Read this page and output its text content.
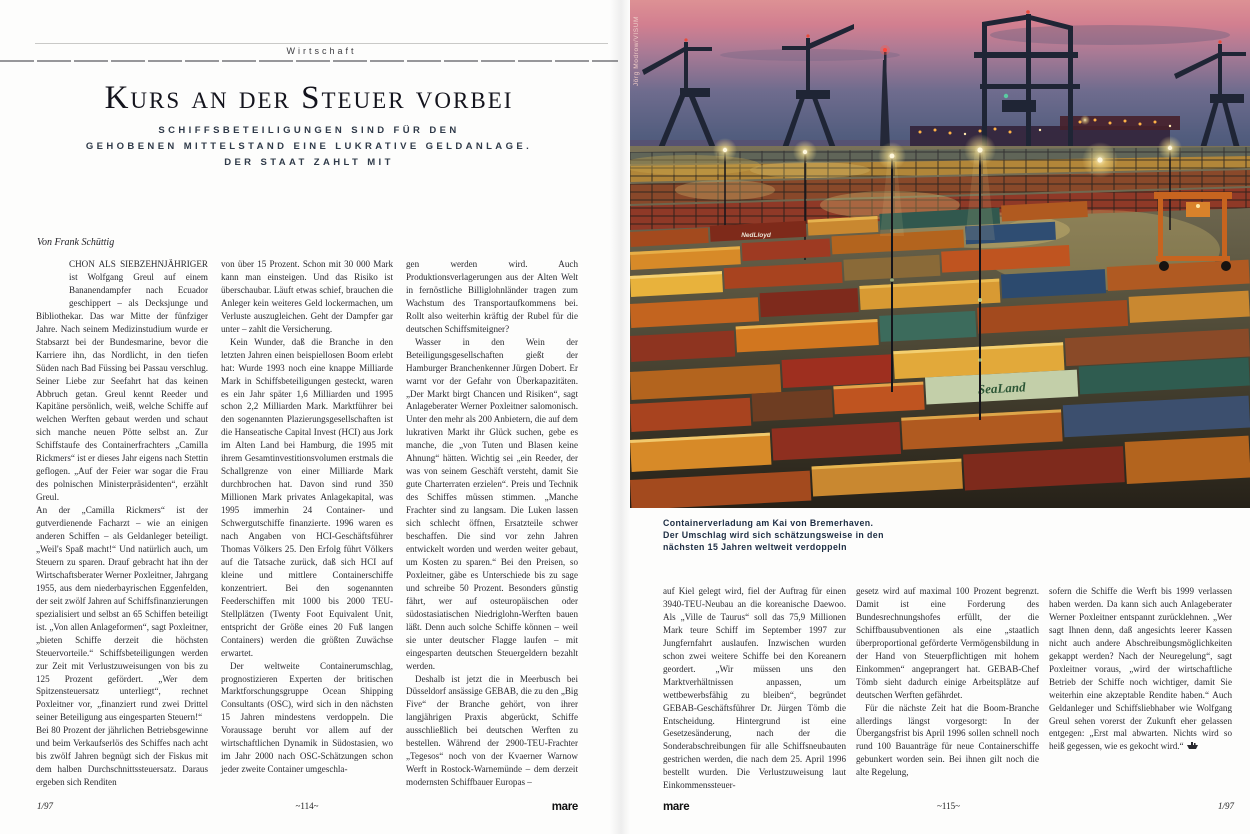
Wirtschaft
Kurs an der Steuer vorbei
SCHIFFSBETEILIGUNGEN SIND FÜR DEN
GEHOBENEN MITTELSTAND EINE LUKRATIVE GELDANLAGE.
DER STAAT ZAHLT MIT
Von Frank Schüttig

CHON ALS SIEBZEHNJÄHRIGER ist Wolfgang Greul auf einem Bananendampfer nach Ecuador geschippert – als Decksjunge und Bibliothekar. Das war Mitte der fünfziger Jahre. Nach seinem Medizinstudium wurde er Stabsarzt bei der Bundesmarine, bevor die Karriere ihn, das Nordlicht, in den tiefen Süden nach Bad Füssing bei Passau verschlug. Seiner Liebe zur Seefahrt hat das keinen Abbruch getan. Greul kennt Reeder und Kapitäne persönlich, weiß, welche Schiffe auf welchen Werften gebaut werden und schaut sich manche neuen Pötte selbst an. Zur Schiffstaufe des Containerfrachters „Camilla Rickmers“ ist er dieses Jahr eigens nach Stettin geflogen. „Auf der Feier war sogar die Frau des polnischen Ministerpräsidenten“, erzählt Greul.

An der „Camilla Rickmers“ ist der gutverdienende Facharzt – wie an einigen anderen Schiffen – als Geldanleger beteiligt. „Weil's Spaß macht!“ Und natürlich auch, um Steuern zu sparen. Drauf gebracht hat ihn der Wirtschaftsberater Werner Poxleitner, Jahrgang 1955, aus dem niederbayrischen Eggenfelden, der seit zwölf Jahren auf Schiffsfinanzierungen spezialisiert und selbst an 65 Schiffen beteiligt ist. „Von allen Anlageformen“, sagt Poxleitner, „bieten Schiffe derzeit die höchsten Steuervorteile.“ Schiffsbeteiligungen werden zur Zeit mit Verlustzuweisungen von bis zu 125 Prozent gefördert. „Wer dem Spitzensteuersatz unterliegt“, rechnet Poxleitner vor, „finanziert rund zwei Drittel seiner Beteiligung aus eingesparten Steuern!“

Bei 80 Prozent der jährlichen Betriebsgewinne und beim Verkaufserlös des Schiffes nach acht bis zwölf Jahren begnügt sich der Fiskus mit dem halben Durchschnittssteuersatz. Daraus ergeben sich Renditen

von über 15 Prozent. Schon mit 30 000 Mark kann man einsteigen. Und das Risiko ist überschaubar. Läuft etwas schief, brauchen die Anleger kein weiteres Geld lockermachen, um Verluste auszugleichen. Geht der Dampfer gar unter – zahlt die Versicherung.

Kein Wunder, daß die Branche in den letzten Jahren einen beispiellosen Boom erlebt hat: Wurde 1993 noch eine knappe Milliarde Mark in Schiffsbeteiligungen gesteckt, waren es ein Jahr später 1,6 Milliarden und 1995 schon 2,2 Milliarden Mark. Marktführer bei den sogenannten Plazierungsgesellschaften ist die Hanseatische Capital Invest (HCI) aus Jork im Alten Land bei Hamburg, die 1995 mit ihrem Gesamtinvestitionsvolumen erstmals die Schallgrenze von einer Milliarde Mark durchbrochen hat. Davon sind rund 350 Millionen Mark privates Anlagekapital, was 1995 immerhin 24 Container- und Schwergutschiffe finanzierte. 1996 waren es nach Angaben von HCI-Geschäftsführer Thomas Völkers 25. Den Erfolg führt Völkers auf die Tatsache zurück, daß sich HCI auf kleine und mittlere Containerschiffe konzentriert. Bei den sogenannten Feederschiffen mit 1000 bis 2000 TEU-Stellplätzen (Twenty Foot Equivalent Unit, entspricht der Größe eines 20 Fuß langen Containers) werden die größten Zuwächse erwartet.

Der weltweite Containerumschlag, prognostizieren Experten der britischen Marktforschungsgruppe Ocean Shipping Consultants (OSC), wird sich in den nächsten 15 Jahren mindestens verdoppeln. Die Voraussage beruht vor allem auf der wirtschaftlichen Dynamik in Südostasien, wo im Jahr 2000 nach OSC-Schätzungen schon jeder zweite Container umgeschla-

gen werden wird. Auch Produktionsverlagerungen aus der Alten Welt in fernöstliche Billiglohnländer tragen zum Wachstum des Transportaufkommens bei. Rollt also weiterhin kräftig der Rubel für die deutschen Schiffsmiteigner?

Wasser in den Wein der Beteiligungsgesellschaften gießt der Hamburger Branchenkenner Jürgen Dobert. Er warnt vor der Gefahr von Überkapazitäten. „Der Markt birgt Chancen und Risiken“, sagt Anlageberater Werner Poxleitner salomonisch. Unter den mehr als 200 Anbietern, die auf dem lukrativen Markt ihr Glück suchen, gebe es manche, die „von Tuten und Blasen keine Ahnung“ hätten. Wichtig sei „ein Reeder, der was von seinem Geschäft versteht, damit Sie gute Charterraten erzielen“. Preis und Technik des Schiffes müssen stimmen. „Manche Frachter sind zu langsam. Die Luken lassen sich schlecht öffnen, Ersatzteile schwer beschaffen. Die sind vor zehn Jahren entwickelt worden und werden weiter gebaut, um Kosten zu sparen.“ Bei den Preisen, so Poxleitner, gäbe es Unterschiede bis zu sage und schreibe 50 Prozent. Besonders günstig fährt, wer auf osteuropäischen oder südostasiatischen Niedriglohn-Werften bauen läßt. Denn auch solche Schiffe können – weil sie unter deutscher Flagge laufen – mit eingesparten deutschen Steuergeldern bezahlt werden.

Deshalb ist jetzt die in Meerbusch bei Düsseldorf ansässige GEBAB, die zu den „Big Five“ der Branche gehört, von ihrer langjährigen Praxis abgerückt, Schiffe ausschließlich bei deutschen Werften zu bestellen. Während der 2900-TEU-Frachter „Tegesos“ noch von der Kvaerner Warnow Werft in Rostock-Warnemünde – dem derzeit modernsten Schiffbauer Europas –

1/97	~114~	mare
SeaLand
NedLloyd
Jörg Modrow/VISUM
Containerverladung am Kai von Bremerhaven.
Der Umschlag wird sich schätzungsweise in den
nächsten 15 Jahren weltweit verdoppeln

auf Kiel gelegt wird, fiel der Auftrag für einen 3940-TEU-Neubau an die koreanische Daewoo. Als „Ville de Taurus“ soll das 75,9 Millionen Mark teure Schiff im September 1997 zur Jungfernfahrt auslaufen. Inzwischen wurden schon zwei weitere Schiffe bei den Koreanern geordert. „Wir müssen uns den Marktverhältnissen anpassen, um wettbewerbsfähig zu bleiben“, begründet GEBAB-Geschäftsführer Dr. Jürgen Tömb die Entscheidung. Hintergrund ist eine Gesetzesänderung, nach der die Sonderabschreibungen für alle Schiffsneubauten gestrichen werden, die nach dem 25. April 1996 bestellt wurden. Die Verlustzuweisung laut Einkommenssteuer-

gesetz wird auf maximal 100 Prozent begrenzt. Damit ist eine Forderung des Bundesrechnungshofes erfüllt, der die Schiffbausubventionen als eine „staatlich überproportional geförderte Vermögensbildung in der Hand von Steuerpflichtigen mit hohem Einkommen“ angeprangert hat. GEBAB-Chef Tömb sieht dadurch einige Arbeitsplätze auf deutschen Werften gefährdet.

Für die nächste Zeit hat die Boom-Branche allerdings längst vorgesorgt: In der Übergangsfrist bis April 1996 sollen schnell noch rund 100 Bauanträge für neue Containerschiffe gebunkert worden sein. Bei ihnen gilt noch die alte Regelung,

sofern die Schiffe die Werft bis 1999 verlassen haben werden. Da kann sich auch Anlageberater Werner Poxleitner entspannt zurücklehnen. „Wer sagt Ihnen denn, daß angesichts leerer Kassen nicht auch andere Abschreibungsmöglichkeiten gekappt werden? Nach der Neuregelung“, sagt Poxleitner voraus, „wird der wirtschaftliche Betrieb der Schiffe noch wichtiger, damit Sie weiterhin eine akzeptable Rendite haben.“ Auch Geldanleger und Schiffsliebhaber wie Wolfgang Greul sehen vorerst der Zukunft eher gelassen entgegen: „Erst mal abwarten. Nichts wird so heiß gegessen, wie es gekocht wird.“

mare	~115~	1/97
